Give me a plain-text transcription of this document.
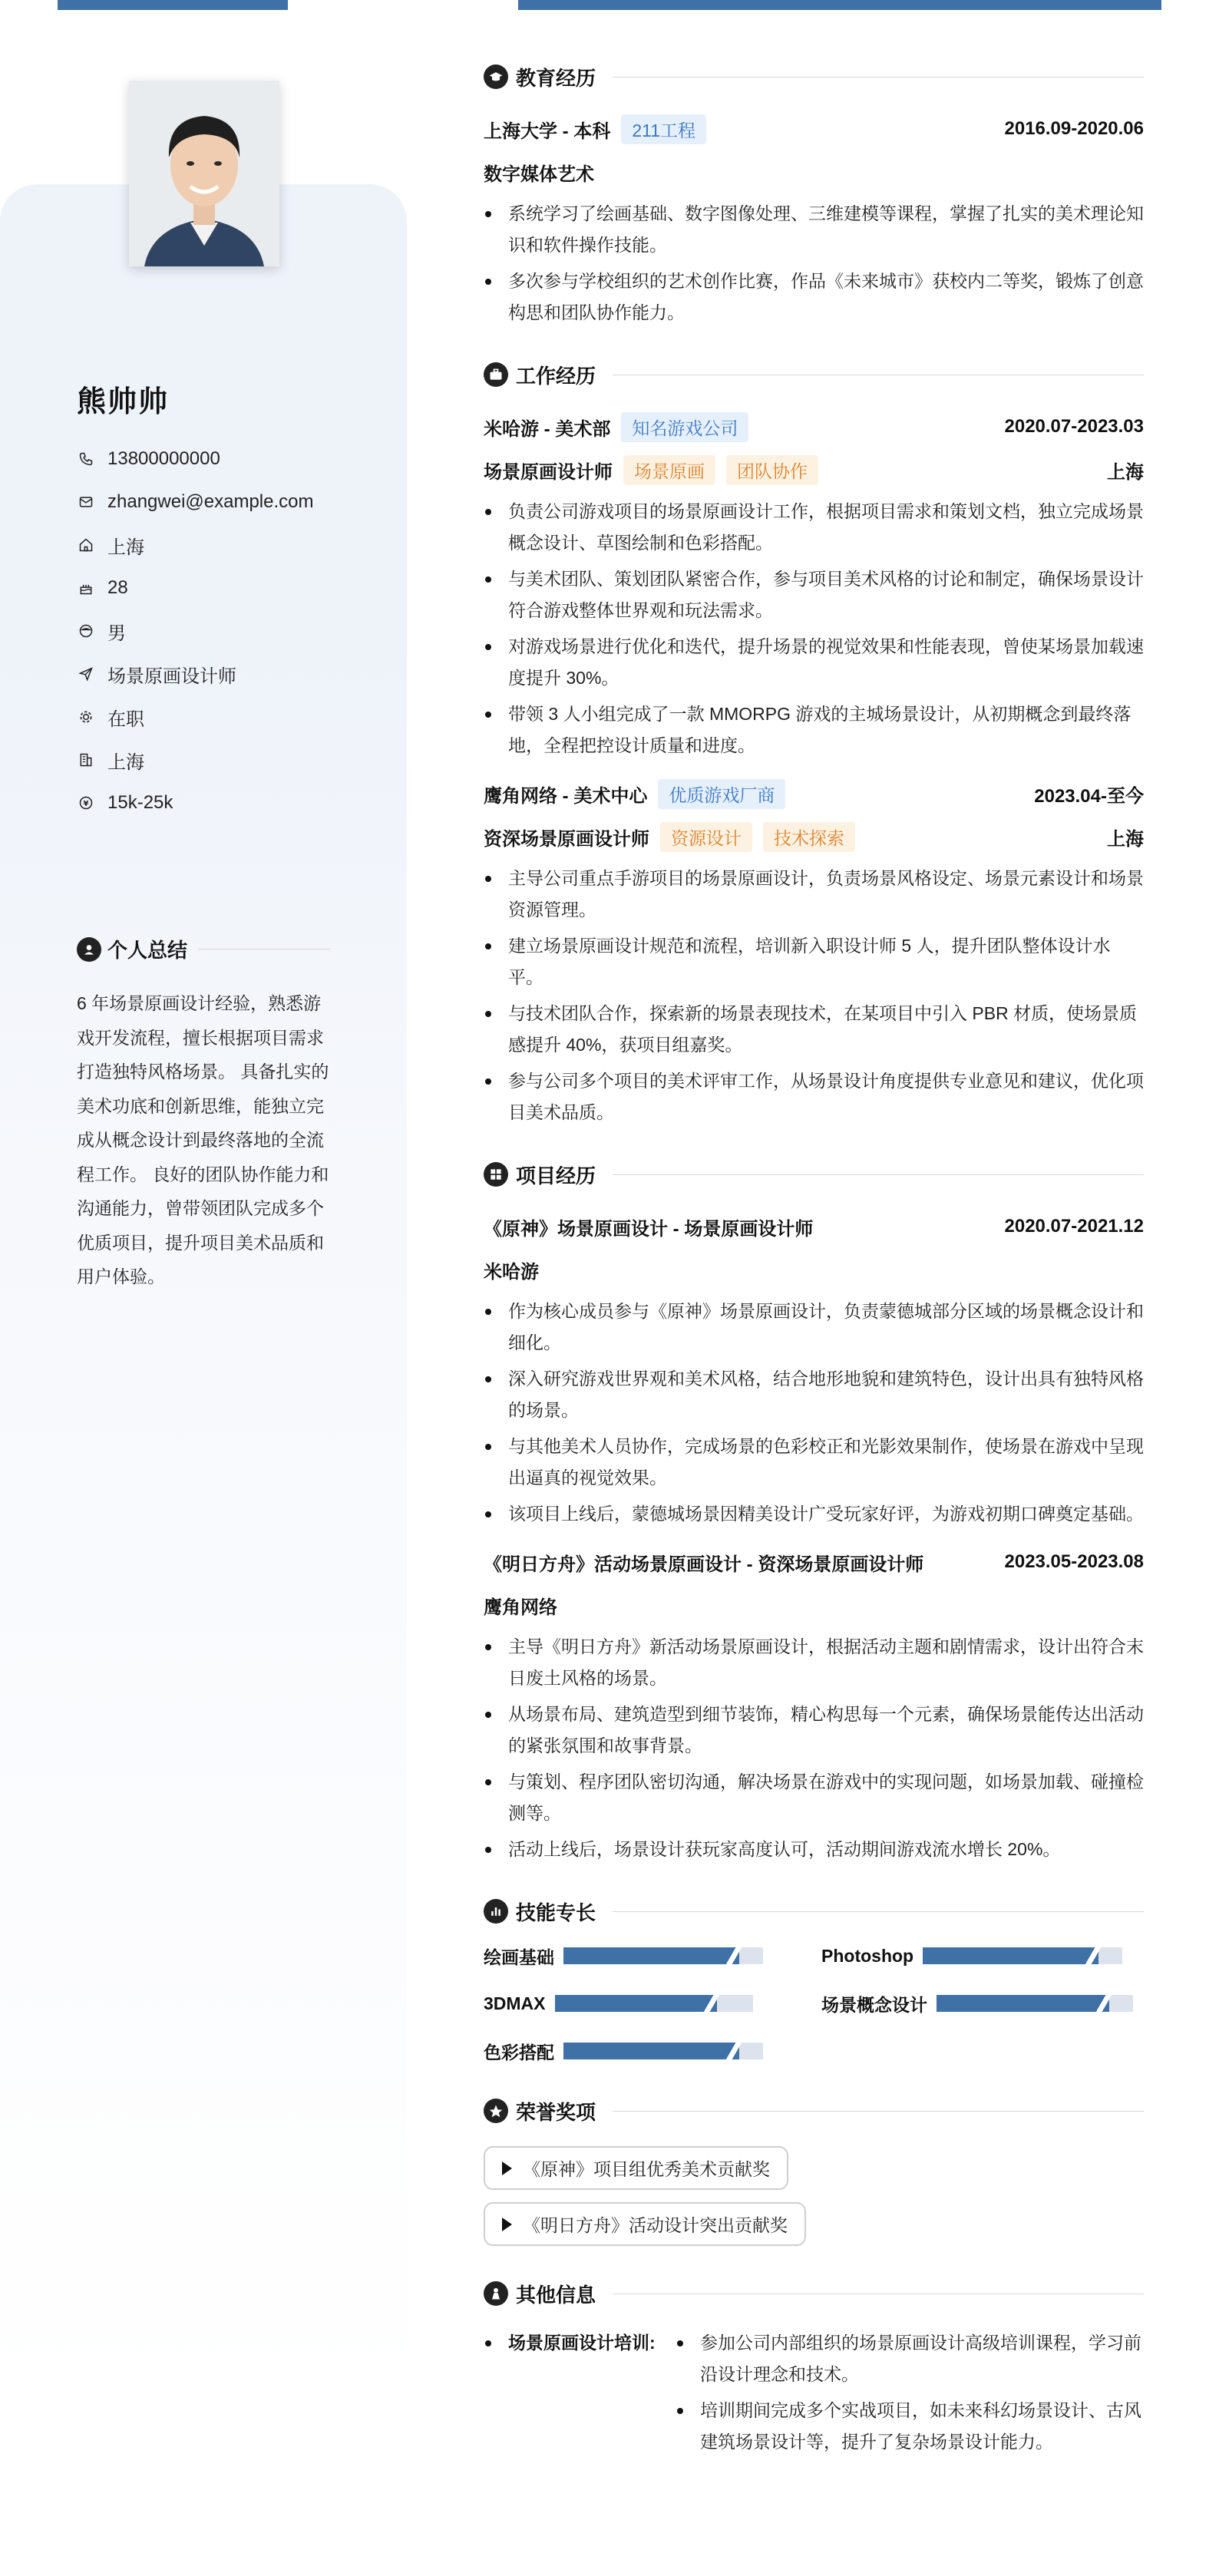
熊帅帅
13800000000
zhangwei@example.com
上海
28
男
场景原画设计师
在职
上海
¥ 15k-25k
个人总结
6 年场景原画设计经验，熟悉游戏开发流程，擅长根据项目需求打造独特风格场景。 具备扎实的美术功底和创新思维，能独立完成从概念设计到最终落地的全流程工作。 良好的团队协作能力和沟通能力，曾带领团队完成多个优质项目，提升项目美术品质和用户体验。
教育经历
上海大学 - 本科	211工程	2016.09-2020.06
数字媒体艺术
系统学习了绘画基础、数字图像处理、三维建模等课程，掌握了扎实的美术理论知识和软件操作技能。
多次参与学校组织的艺术创作比赛，作品《未来城市》获校内二等奖，锻炼了创意构思和团队协作能力。
工作经历
米哈游 - 美术部	知名游戏公司	2020.07-2023.03
场景原画设计师	场景原画	团队协作	上海
负责公司游戏项目的场景原画设计工作，根据项目需求和策划文档，独立完成场景概念设计、草图绘制和色彩搭配。
与美术团队、策划团队紧密合作，参与项目美术风格的讨论和制定，确保场景设计符合游戏整体世界观和玩法需求。
对游戏场景进行优化和迭代，提升场景的视觉效果和性能表现，曾使某场景加载速度提升 30%。
带领 3 人小组完成了一款 MMORPG 游戏的主城场景设计，从初期概念到最终落地，全程把控设计质量和进度。
鹰角网络 - 美术中心	优质游戏厂商	2023.04-至今
资深场景原画设计师	资源设计	技术探索	上海
主导公司重点手游项目的场景原画设计，负责场景风格设定、场景元素设计和场景资源管理。
建立场景原画设计规范和流程，培训新入职设计师 5 人，提升团队整体设计水平。
与技术团队合作，探索新的场景表现技术，在某项目中引入 PBR 材质，使场景质感提升 40%，获项目组嘉奖。
参与公司多个项目的美术评审工作，从场景设计角度提供专业意见和建议，优化项目美术品质。
项目经历
《原神》场景原画设计 - 场景原画设计师	2020.07-2021.12
米哈游
作为核心成员参与《原神》场景原画设计，负责蒙德城部分区域的场景概念设计和细化。
深入研究游戏世界观和美术风格，结合地形地貌和建筑特色，设计出具有独特风格的场景。
与其他美术人员协作，完成场景的色彩校正和光影效果制作，使场景在游戏中呈现出逼真的视觉效果。
该项目上线后，蒙德城场景因精美设计广受玩家好评，为游戏初期口碑奠定基础。
《明日方舟》活动场景原画设计 - 资深场景原画设计师	2023.05-2023.08
鹰角网络
主导《明日方舟》新活动场景原画设计，根据活动主题和剧情需求，设计出符合末日废土风格的场景。
从场景布局、建筑造型到细节装饰，精心构思每一个元素，确保场景能传达出活动的紧张氛围和故事背景。
与策划、程序团队密切沟通，解决场景在游戏中的实现问题，如场景加载、碰撞检测等。
活动上线后，场景设计获玩家高度认可，活动期间游戏流水增长 20%。
技能专长
绘画基础	Photoshop
3DMAX	场景概念设计
色彩搭配
荣誉奖项
《原神》项目组优秀美术贡献奖
《明日方舟》活动设计突出贡献奖
其他信息
场景原画设计培训:	参加公司内部组织的场景原画设计高级培训课程，学习前沿设计理念和技术。
培训期间完成多个实战项目，如未来科幻场景设计、古风建筑场景设计等，提升了复杂场景设计能力。
